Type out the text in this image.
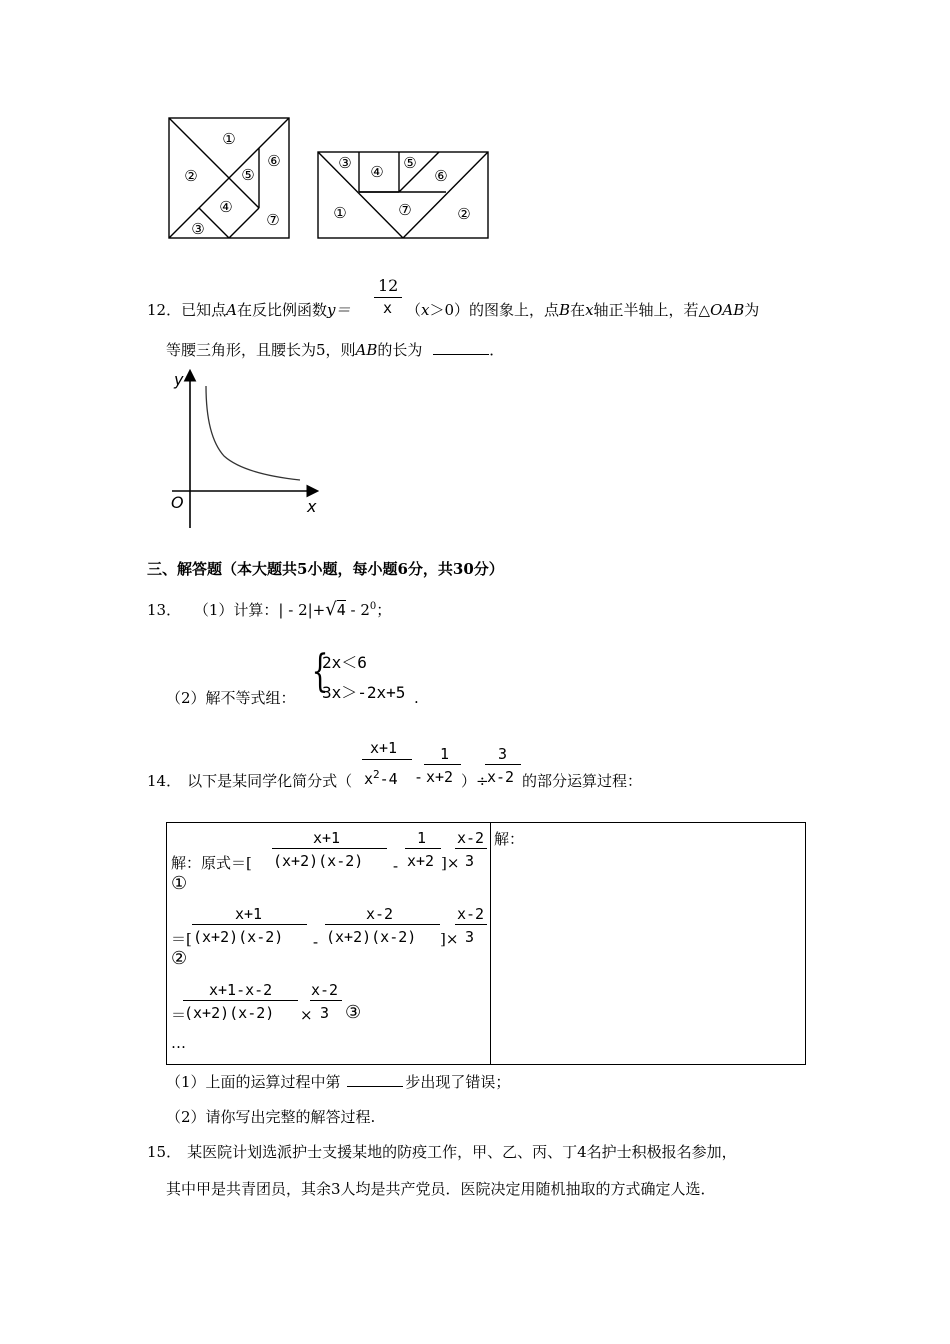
①
②
③
④
⑤
⑥
⑦
③ ④ ⑤
⑥
①	⑦	②
12
x
12．已知点A在反比例函数y＝	（x＞0）的图象上，点B在x轴正半轴上，若△OAB为
等腰三角形，且腰长为5，则AB的长为	．
y
x
O
三、解答题（本大题共5小题，每小题6分，共30分）
13． （1）计算：| - $2|+√4 - 2^0$；
{
2x＜6
3x＞-2x+5
（2）解不等式组：	.
x+1
$x^2-4$ -
1
x+2
3
x-2
14． 以下是某同学化简分式（	）÷ 的部分运算过程：
解：
x+1
(x+2)(x-2) -
1
x+2 ]×
x-2
3
解：原式＝[
①
x+1
(x+2)(x-2) -
x-2
(x+2)(x-2) ]×
x-2
3
＝[
②
x+1-x-2
(x+2)(x-2) ×
x-2
3
＝	③
…
（1）上面的运算过程中第	步出现了错误；
（2）请你写出完整的解答过程.
15． 某医院计划选派护士支援某地的防疫工作，甲、乙、丙、丁4名护士积极报名参加，
其中甲是共青团员，其余3人均是共产党员．医院决定用随机抽取的方式确定人选．
